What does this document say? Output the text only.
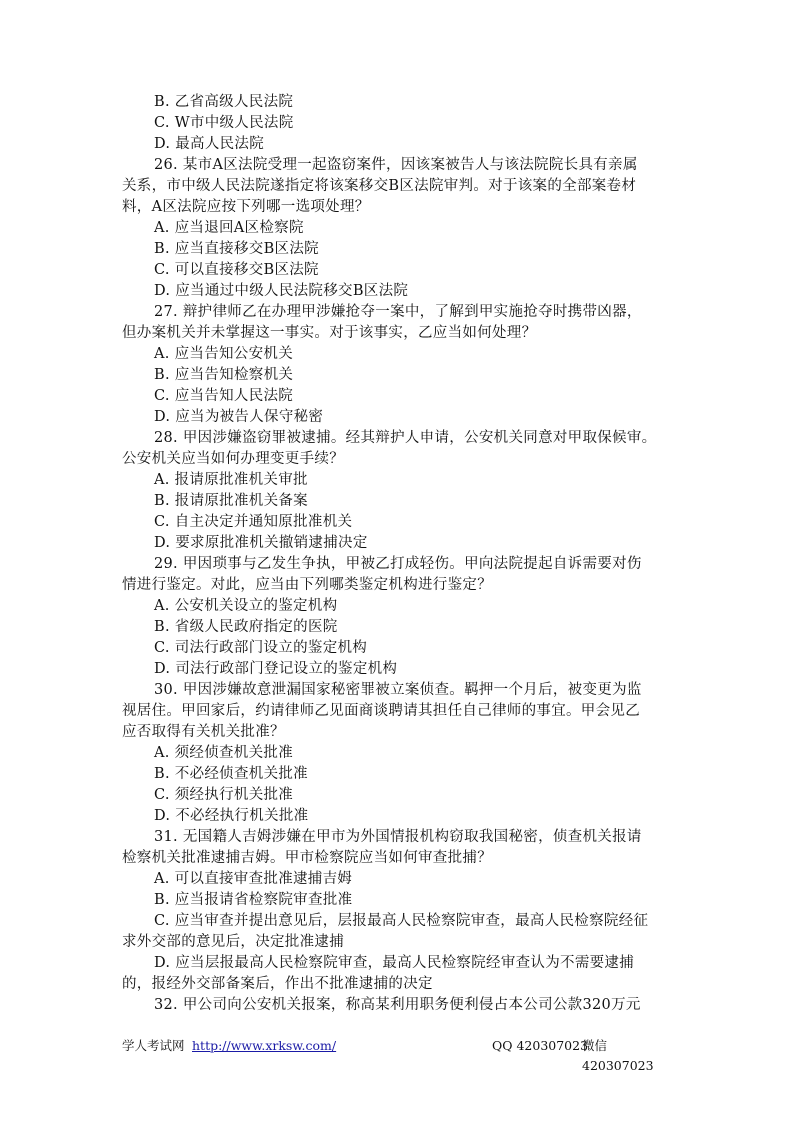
B. 乙省高级人民法院
C. W市中级人民法院
D. 最高人民法院
26. 某市A区法院受理一起盗窃案件，因该案被告人与该法院院长具有亲属
关系，市中级人民法院遂指定将该案移交B区法院审判。对于该案的全部案卷材
料，A区法院应按下列哪一选项处理？
A. 应当退回A区检察院
B. 应当直接移交B区法院
C. 可以直接移交B区法院
D. 应当通过中级人民法院移交B区法院
27. 辩护律师乙在办理甲涉嫌抢夺一案中，了解到甲实施抢夺时携带凶器，
但办案机关并未掌握这一事实。对于该事实，乙应当如何处理？
A. 应当告知公安机关
B. 应当告知检察机关
C. 应当告知人民法院
D. 应当为被告人保守秘密
28. 甲因涉嫌盗窃罪被逮捕。经其辩护人申请，公安机关同意对甲取保候审。
公安机关应当如何办理变更手续？
A. 报请原批准机关审批
B. 报请原批准机关备案
C. 自主决定并通知原批准机关
D. 要求原批准机关撤销逮捕决定
29. 甲因琐事与乙发生争执，甲被乙打成轻伤。甲向法院提起自诉需要对伤
情进行鉴定。对此，应当由下列哪类鉴定机构进行鉴定？
A. 公安机关设立的鉴定机构
B. 省级人民政府指定的医院
C. 司法行政部门设立的鉴定机构
D. 司法行政部门登记设立的鉴定机构
30. 甲因涉嫌故意泄漏国家秘密罪被立案侦查。羁押一个月后，被变更为监
视居住。甲回家后，约请律师乙见面商谈聘请其担任自己律师的事宜。甲会见乙
应否取得有关机关批准？
A. 须经侦查机关批准
B. 不必经侦查机关批准
C. 须经执行机关批准
D. 不必经执行机关批准
31. 无国籍人吉姆涉嫌在甲市为外国情报机构窃取我国秘密，侦查机关报请
检察机关批准逮捕吉姆。甲市检察院应当如何审查批捕？
A. 可以直接审查批准逮捕吉姆
B. 应当报请省检察院审查批准
C. 应当审查并提出意见后，层报最高人民检察院审查，最高人民检察院经征
求外交部的意见后，决定批准逮捕
D. 应当层报最高人民检察院审查，最高人民检察院经审查认为不需要逮捕
的，报经外交部备案后，作出不批准逮捕的决定
32. 甲公司向公安机关报案，称高某利用职务便利侵占本公司公款320万元
学人考试网 http://www.xrksw.com/	QQ 420307023
微信 420307023
